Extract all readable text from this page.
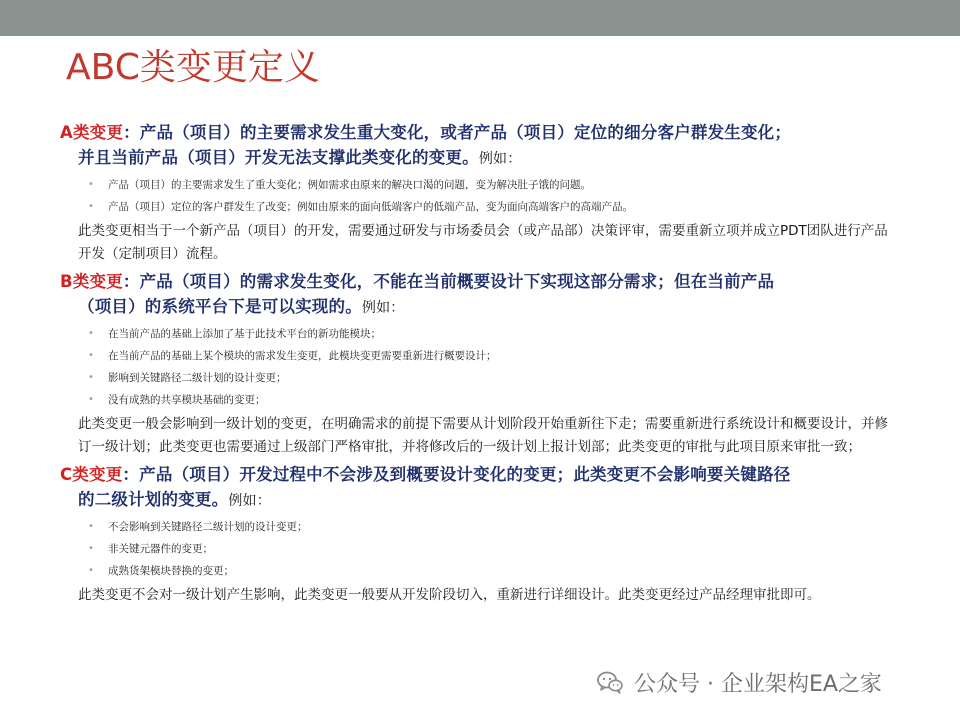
ABC类变更定义
A类变更：产品（项目）的主要需求发生重大变化，或者产品（项目）定位的细分客户群发生变化；
并且当前产品（项目）开发无法支撑此类变化的变更。例如：
• 产品（项目）的主要需求发生了重大变化；例如需求由原来的解决口渴的问题，变为解决肚子饿的问题。
• 产品（项目）定位的客户群发生了改变；例如由原来的面向低端客户的低端产品，变为面向高端客户的高端产品。
此类变更相当于一个新产品（项目）的开发，需要通过研发与市场委员会（或产品部）决策评审，需要重新立项并成立PDT团队进行产品开发（定制项目）流程。
B类变更：产品（项目）的需求发生变化，不能在当前概要设计下实现这部分需求；但在当前产品
（项目）的系统平台下是可以实现的。例如：
• 在当前产品的基础上添加了基于此技术平台的新功能模块；
• 在当前产品的基础上某个模块的需求发生变更，此模块变更需要重新进行概要设计；
• 影响到关键路径二级计划的设计变更；
• 没有成熟的共享模块基础的变更；
此类变更一般会影响到一级计划的变更，在明确需求的前提下需要从计划阶段开始重新往下走；需要重新进行系统设计和概要设计，并修订一级计划；此类变更也需要通过上级部门严格审批，并将修改后的一级计划上报计划部；此类变更的审批与此项目原来审批一致；
C类变更：产品（项目）开发过程中不会涉及到概要设计变化的变更；此类变更不会影响要关键路径
的二级计划的变更。例如：
• 不会影响到关键路径二级计划的设计变更；
• 非关键元器件的变更；
• 成熟货架模块替换的变更；
此类变更不会对一级计划产生影响，此类变更一般要从开发阶段切入，重新进行详细设计。此类变更经过产品经理审批即可。
公众号 · 企业架构EA之家
